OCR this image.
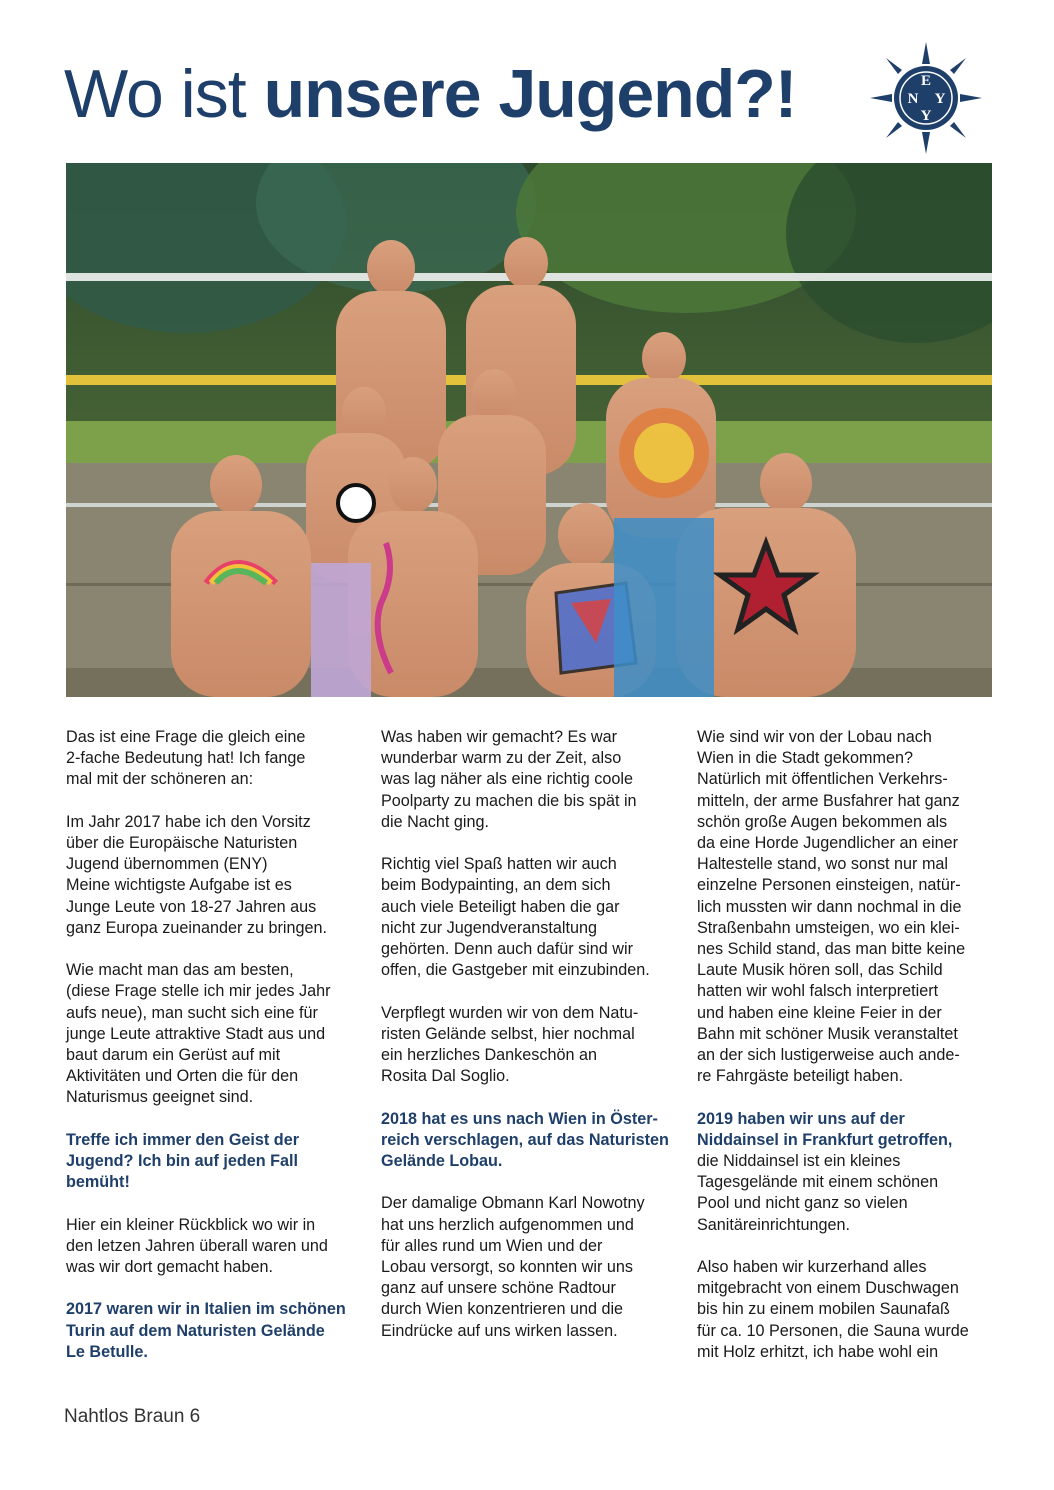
Wo ist unsere Jugend?!	E
N Y
Y

Das ist eine Frage die gleich eine
2-fache Bedeutung hat! Ich fange
mal mit der schöneren an:

Im Jahr 2017 habe ich den Vorsitz
über die Europäische Naturisten
Jugend übernommen (ENY)
Meine wichtigste Aufgabe ist es
Junge Leute von 18-27 Jahren aus
ganz Europa zueinander zu bringen.

Wie macht man das am besten,
(diese Frage stelle ich mir jedes Jahr
aufs neue), man sucht sich eine für
junge Leute attraktive Stadt aus und
baut darum ein Gerüst auf mit
Aktivitäten und Orten die für den
Naturismus geeignet sind.

Treffe ich immer den Geist der
Jugend? Ich bin auf jeden Fall
bemüht!

Hier ein kleiner Rückblick wo wir in
den letzen Jahren überall waren und
was wir dort gemacht haben.

2017 waren wir in Italien im schönen
Turin auf dem Naturisten Gelände
Le Betulle.

Was haben wir gemacht? Es war
wunderbar warm zu der Zeit, also
was lag näher als eine richtig coole
Poolparty zu machen die bis spät in
die Nacht ging.

Richtig viel Spaß hatten wir auch
beim Bodypainting, an dem sich
auch viele Beteiligt haben die gar
nicht zur Jugendveranstaltung
gehörten. Denn auch dafür sind wir
offen, die Gastgeber mit einzubinden.

Verpflegt wurden wir von dem Natu-
risten Gelände selbst, hier nochmal
ein herzliches Dankeschön an
Rosita Dal Soglio.

2018 hat es uns nach Wien in Öster-
reich verschlagen, auf das Naturisten
Gelände Lobau.

Der damalige Obmann Karl Nowotny
hat uns herzlich aufgenommen und
für alles rund um Wien und der
Lobau versorgt, so konnten wir uns
ganz auf unsere schöne Radtour
durch Wien konzentrieren und die
Eindrücke auf uns wirken lassen.

Wie sind wir von der Lobau nach
Wien in die Stadt gekommen?
Natürlich mit öffentlichen Verkehrs-
mitteln, der arme Busfahrer hat ganz
schön große Augen bekommen als
da eine Horde Jugendlicher an einer
Haltestelle stand, wo sonst nur mal
einzelne Personen einsteigen, natür-
lich mussten wir dann nochmal in die
Straßenbahn umsteigen, wo ein klei-
nes Schild stand, das man bitte keine
Laute Musik hören soll, das Schild
hatten wir wohl falsch interpretiert
und haben eine kleine Feier in der
Bahn mit schöner Musik veranstaltet
an der sich lustigerweise auch ande-
re Fahrgäste beteiligt haben.

2019 haben wir uns auf der
Niddainsel in Frankfurt getroffen,
die Niddainsel ist ein kleines
Tagesgelände mit einem schönen
Pool und nicht ganz so vielen
Sanitäreinrichtungen.

Also haben wir kurzerhand alles
mitgebracht von einem Duschwagen
bis hin zu einem mobilen Saunafaß
für ca. 10 Personen, die Sauna wurde
mit Holz erhitzt, ich habe wohl ein

Nahtlos Braun 6
